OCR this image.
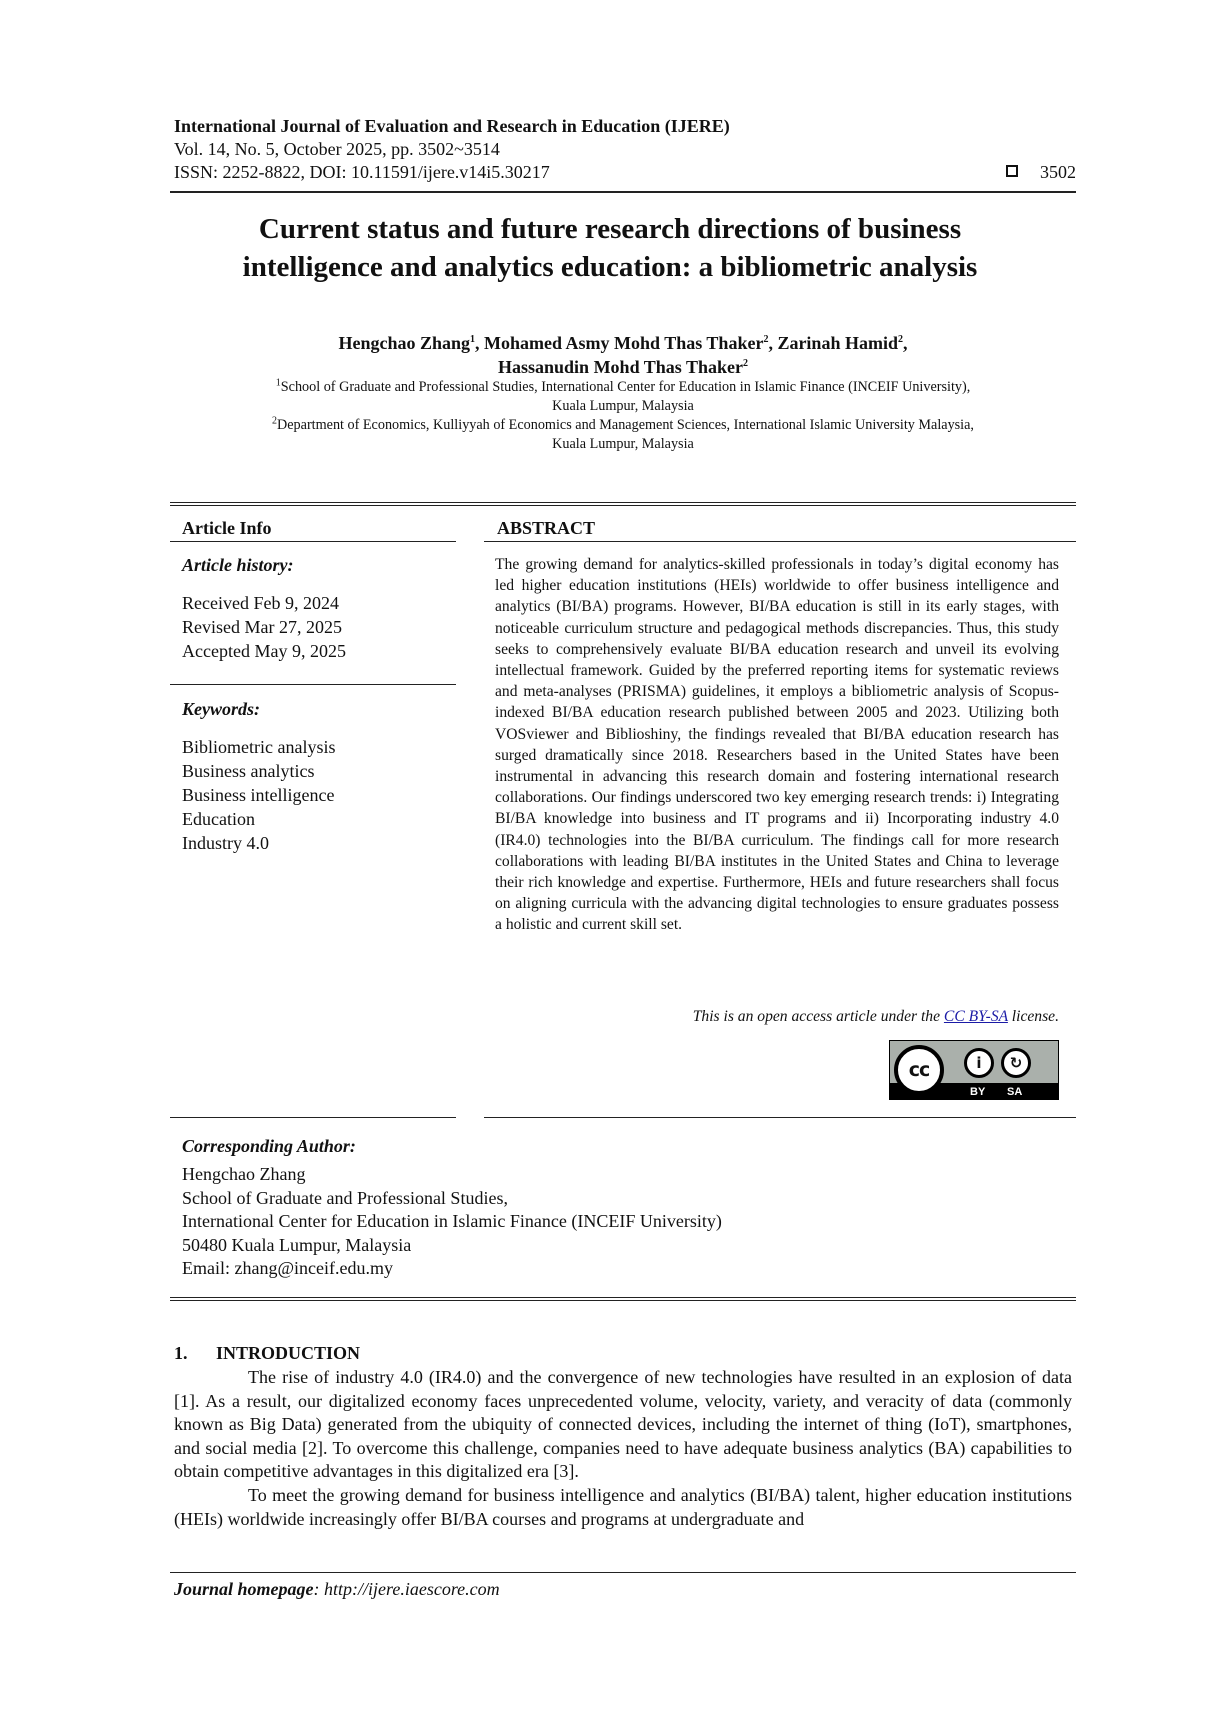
International Journal of Evaluation and Research in Education (IJERE)
Vol. 14, No. 5, October 2025, pp. 3502~3514
ISSN: 2252-8822, DOI: 10.11591/ijere.v14i5.30217	3502
Current status and future research directions of business
intelligence and analytics education: a bibliometric analysis
Hengchao Zhang$^1$, Mohamed Asmy Mohd Thas Thaker$^2$, Zarinah Hamid$^2$,
Hassanudin Mohd Thas Thaker$^2$
$^1$School of Graduate and Professional Studies, International Center for Education in Islamic Finance (INCEIF University),
Kuala Lumpur, Malaysia
$^2$Department of Economics, Kulliyyah of Economics and Management Sciences, International Islamic University Malaysia,
Kuala Lumpur, Malaysia
Article Info	ABSTRACT
Article history:
Received Feb 9, 2024
Revised Mar 27, 2025
Accepted May 9, 2025
Keywords:
Bibliometric analysis
Business analytics
Business intelligence
Education
Industry 4.0
The growing demand for analytics-skilled professionals in today’s digital economy has led higher education institutions (HEIs) worldwide to offer business intelligence and analytics (BI/BA) programs. However, BI/BA education is still in its early stages, with noticeable curriculum structure and pedagogical methods discrepancies. Thus, this study seeks to comprehensively evaluate BI/BA education research and unveil its evolving intellectual framework. Guided by the preferred reporting items for systematic reviews and meta-analyses (PRISMA) guidelines, it employs a bibliometric analysis of Scopus-indexed BI/BA education research published between 2005 and 2023. Utilizing both VOSviewer and Biblioshiny, the findings revealed that BI/BA education research has surged dramatically since 2018. Researchers based in the United States have been instrumental in advancing this research domain and fostering international research collaborations. Our findings underscored two key emerging research trends: i) Integrating BI/BA knowledge into business and IT programs and ii) Incorporating industry 4.0 (IR4.0) technologies into the BI/BA curriculum. The findings call for more research collaborations with leading BI/BA institutes in the United States and China to leverage their rich knowledge and expertise. Furthermore, HEIs and future researchers shall focus on aligning curricula with the advancing digital technologies to ensure graduates possess a holistic and current skill set.
This is an open access article under the CC BY-SA license.
cc	i	↻
BY SA
Corresponding Author:
Hengchao Zhang
School of Graduate and Professional Studies,
International Center for Education in Islamic Finance (INCEIF University)
50480 Kuala Lumpur, Malaysia
Email: zhang@inceif.edu.my
1. INTRODUCTION
The rise of industry 4.0 (IR4.0) and the convergence of new technologies have resulted in an explosion of data [1]. As a result, our digitalized economy faces unprecedented volume, velocity, variety, and veracity of data (commonly known as Big Data) generated from the ubiquity of connected devices, including the internet of thing (IoT), smartphones, and social media [2]. To overcome this challenge, companies need to have adequate business analytics (BA) capabilities to obtain competitive advantages in this digitalized era [3].
To meet the growing demand for business intelligence and analytics (BI/BA) talent, higher education institutions (HEIs) worldwide increasingly offer BI/BA courses and programs at undergraduate and
Journal homepage: http://ijere.iaescore.com
